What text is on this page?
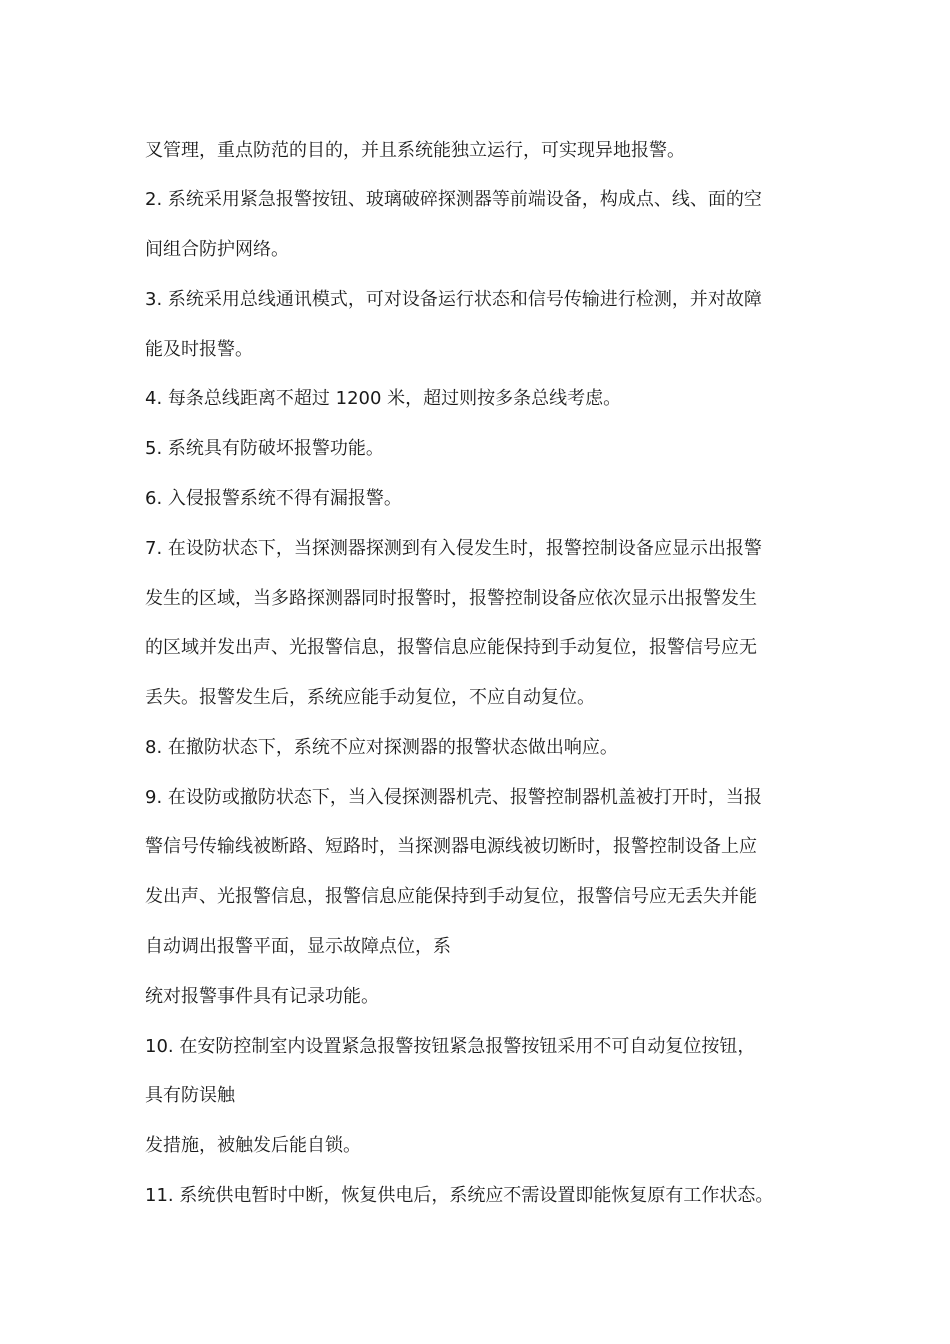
叉管理，重点防范的目的，并且系统能独立运行，可实现异地报警。
2. 系统采用紧急报警按钮、玻璃破碎探测器等前端设备，构成点、线、面的空
间组合防护网络。
3. 系统采用总线通讯模式，可对设备运行状态和信号传输进行检测，并对故障
能及时报警。
4. 每条总线距离不超过 1200 米，超过则按多条总线考虑。
5. 系统具有防破坏报警功能。
6. 入侵报警系统不得有漏报警。
7. 在设防状态下，当探测器探测到有入侵发生时，报警控制设备应显示出报警
发生的区域，当多路探测器同时报警时，报警控制设备应依次显示出报警发生
的区域并发出声、光报警信息，报警信息应能保持到手动复位，报警信号应无
丢失。报警发生后，系统应能手动复位，不应自动复位。
8. 在撤防状态下，系统不应对探测器的报警状态做出响应。
9. 在设防或撤防状态下，当入侵探测器机壳、报警控制器机盖被打开时，当报
警信号传输线被断路、短路时，当探测器电源线被切断时，报警控制设备上应
发出声、光报警信息，报警信息应能保持到手动复位，报警信号应无丢失并能
自动调出报警平面，显示故障点位，系
统对报警事件具有记录功能。
10. 在安防控制室内设置紧急报警按钮紧急报警按钮采用不可自动复位按钮，
具有防误触
发措施，被触发后能自锁。
11. 系统供电暂时中断，恢复供电后，系统应不需设置即能恢复原有工作状态。
